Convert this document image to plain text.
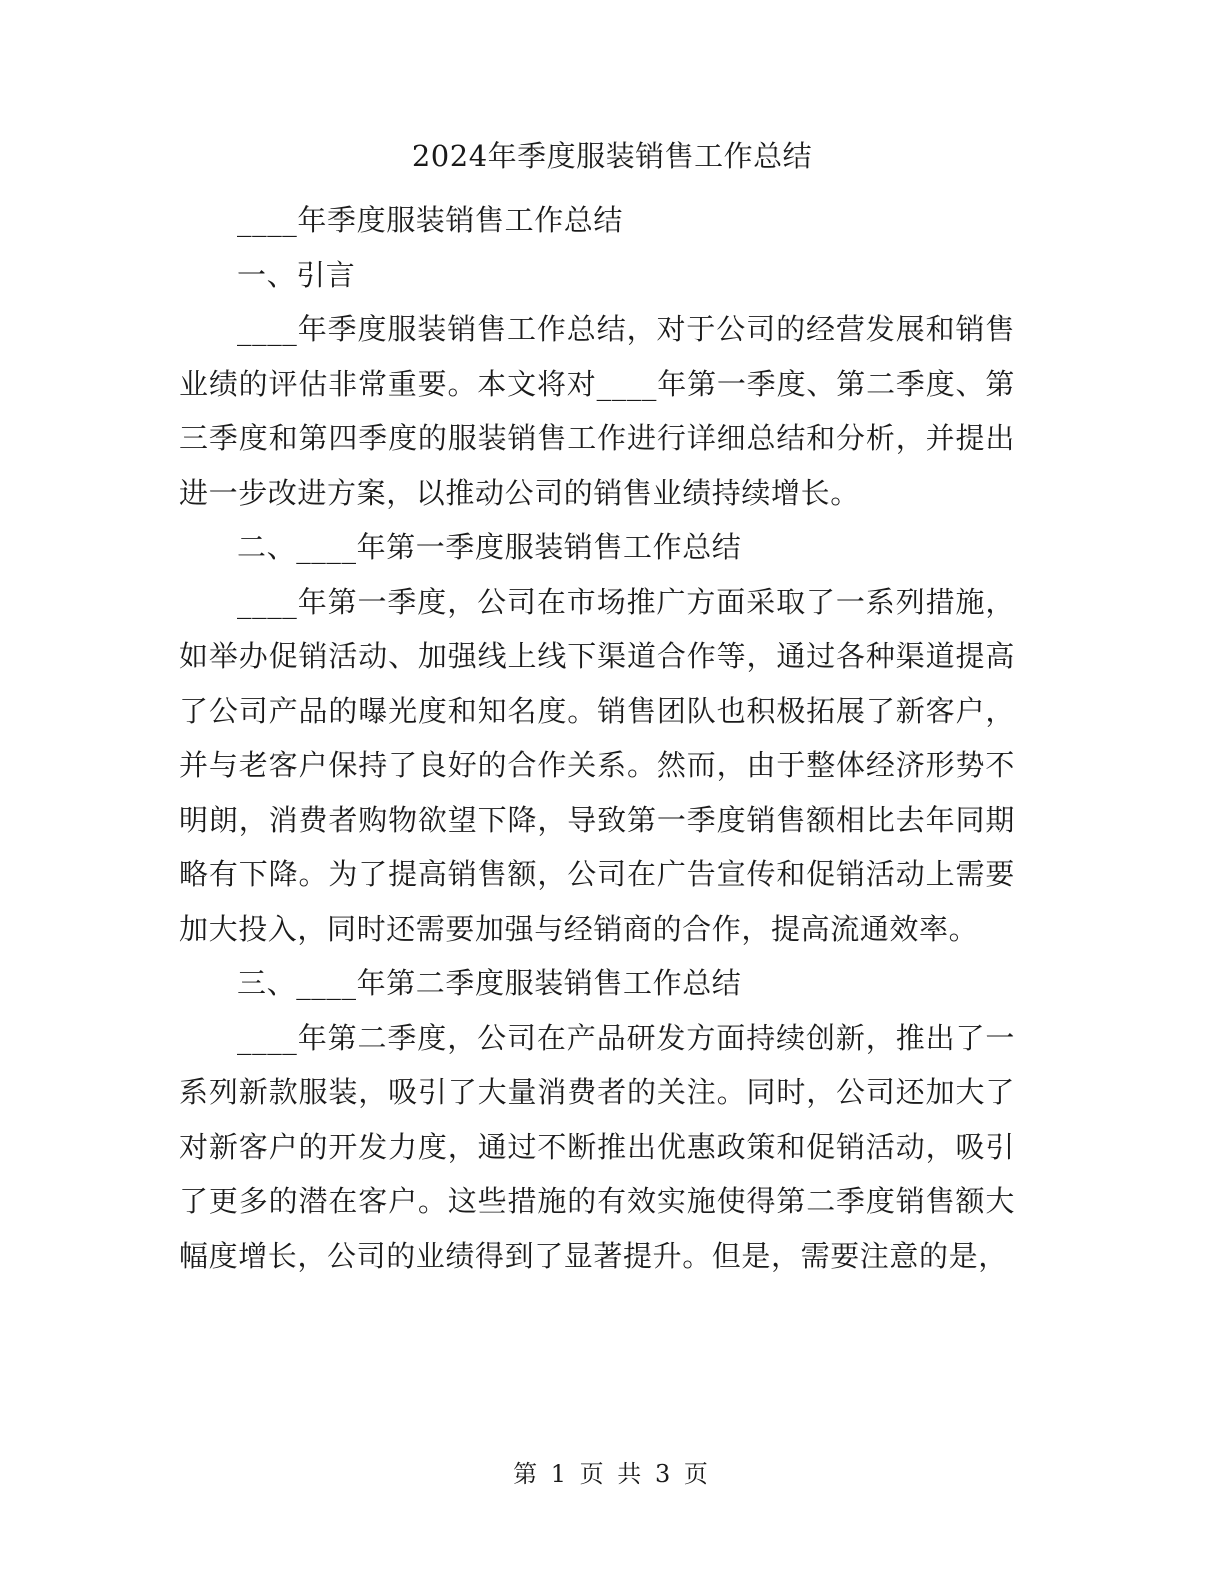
2024年季度服装销售工作总结

____年季度服装销售工作总结

一、引言

____年季度服装销售工作总结，对于公司的经营发展和销售业绩的评估非常重要。本文将对____年第一季度、第二季度、第三季度和第四季度的服装销售工作进行详细总结和分析，并提出进一步改进方案，以推动公司的销售业绩持续增长。

二、____年第一季度服装销售工作总结

____年第一季度，公司在市场推广方面采取了一系列措施，如举办促销活动、加强线上线下渠道合作等，通过各种渠道提高了公司产品的曝光度和知名度。销售团队也积极拓展了新客户，并与老客户保持了良好的合作关系。然而，由于整体经济形势不明朗，消费者购物欲望下降，导致第一季度销售额相比去年同期略有下降。为了提高销售额，公司在广告宣传和促销活动上需要加大投入，同时还需要加强与经销商的合作，提高流通效率。

三、____年第二季度服装销售工作总结

____年第二季度，公司在产品研发方面持续创新，推出了一系列新款服装，吸引了大量消费者的关注。同时，公司还加大了对新客户的开发力度，通过不断推出优惠政策和促销活动，吸引了更多的潜在客户。这些措施的有效实施使得第二季度销售额大幅度增长，公司的业绩得到了显著提升。但是，需要注意的是，

第 1 页 共 3 页
